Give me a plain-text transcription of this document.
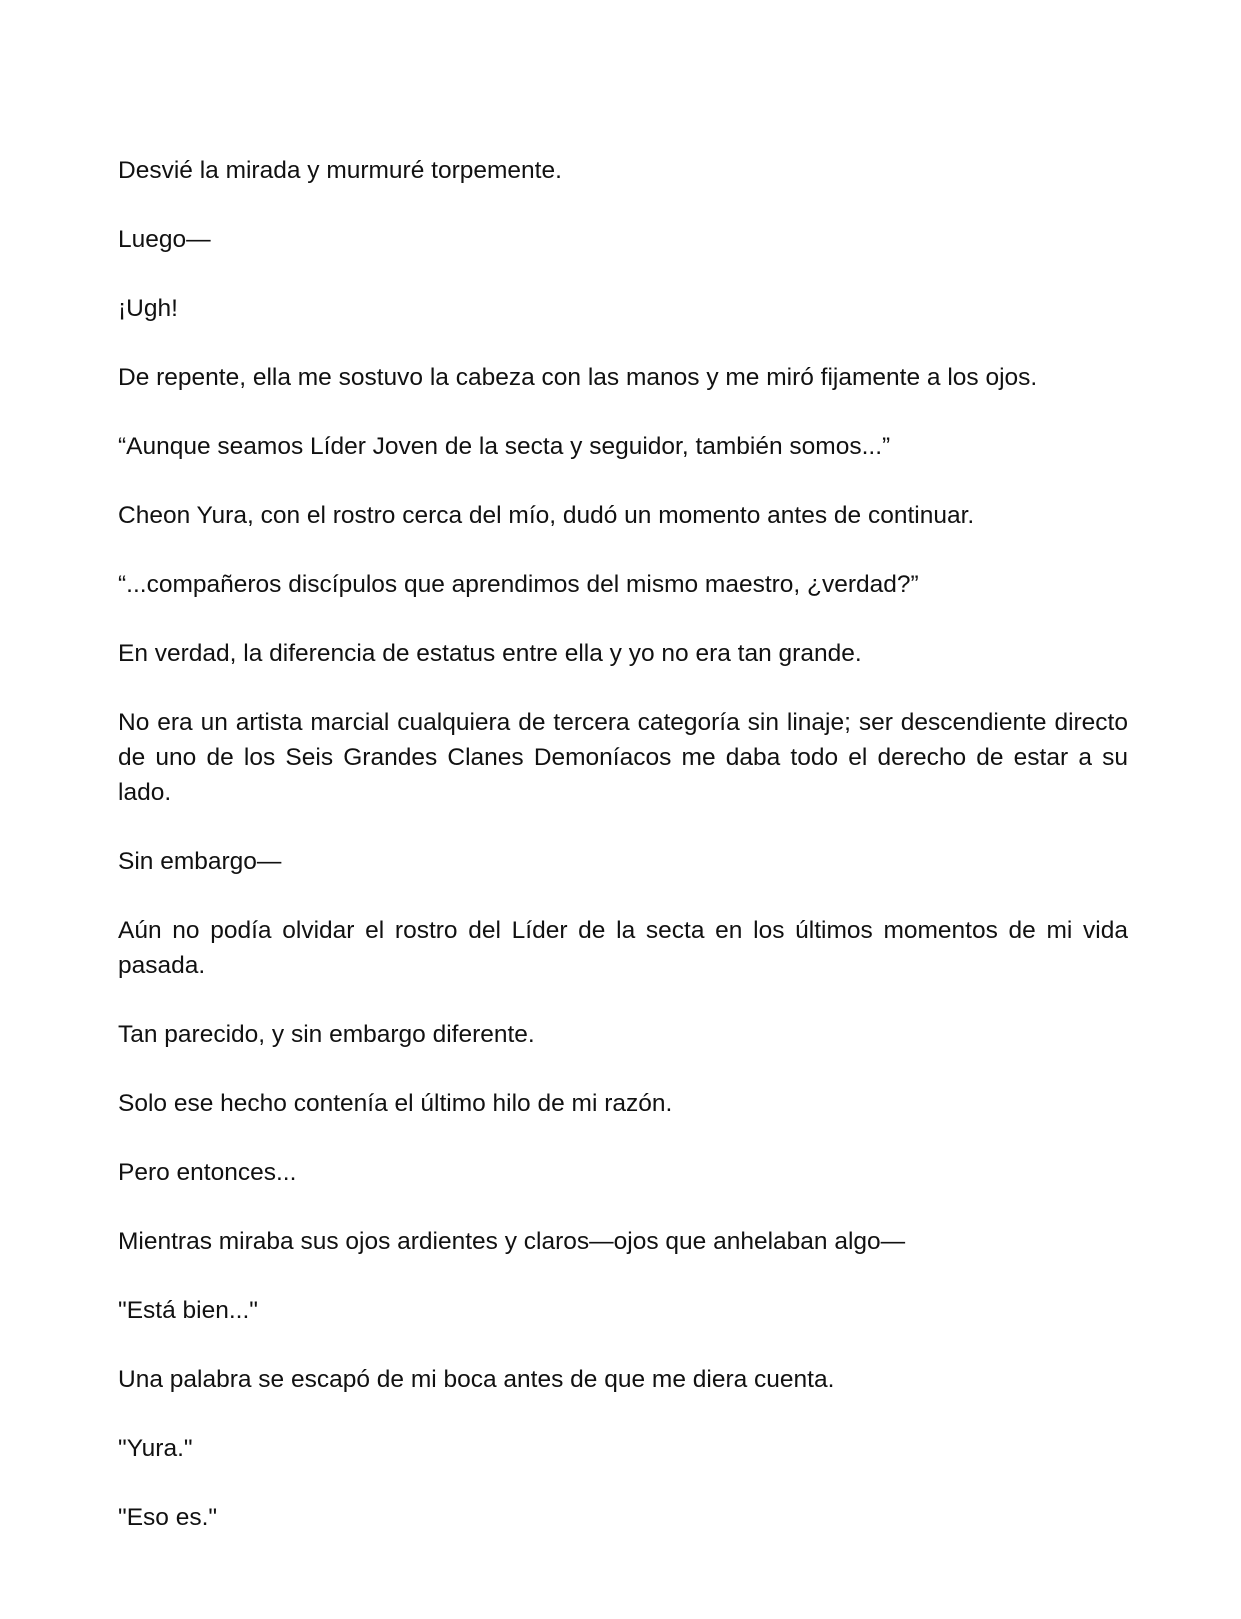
Desvié la mirada y murmuré torpemente.

Luego—

¡Ugh!

De repente, ella me sostuvo la cabeza con las manos y me miró fijamente a los ojos.

“Aunque seamos Líder Joven de la secta y seguidor, también somos...”

Cheon Yura, con el rostro cerca del mío, dudó un momento antes de continuar.

“...compañeros discípulos que aprendimos del mismo maestro, ¿verdad?”

En verdad, la diferencia de estatus entre ella y yo no era tan grande.

No era un artista marcial cualquiera de tercera categoría sin linaje; ser descendiente directo de uno de los Seis Grandes Clanes Demoníacos me daba todo el derecho de estar a su lado.

Sin embargo—

Aún no podía olvidar el rostro del Líder de la secta en los últimos momentos de mi vida pasada.

Tan parecido, y sin embargo diferente.

Solo ese hecho contenía el último hilo de mi razón.

Pero entonces...

Mientras miraba sus ojos ardientes y claros—ojos que anhelaban algo—

"Está bien..."

Una palabra se escapó de mi boca antes de que me diera cuenta.

"Yura."

"Eso es."
